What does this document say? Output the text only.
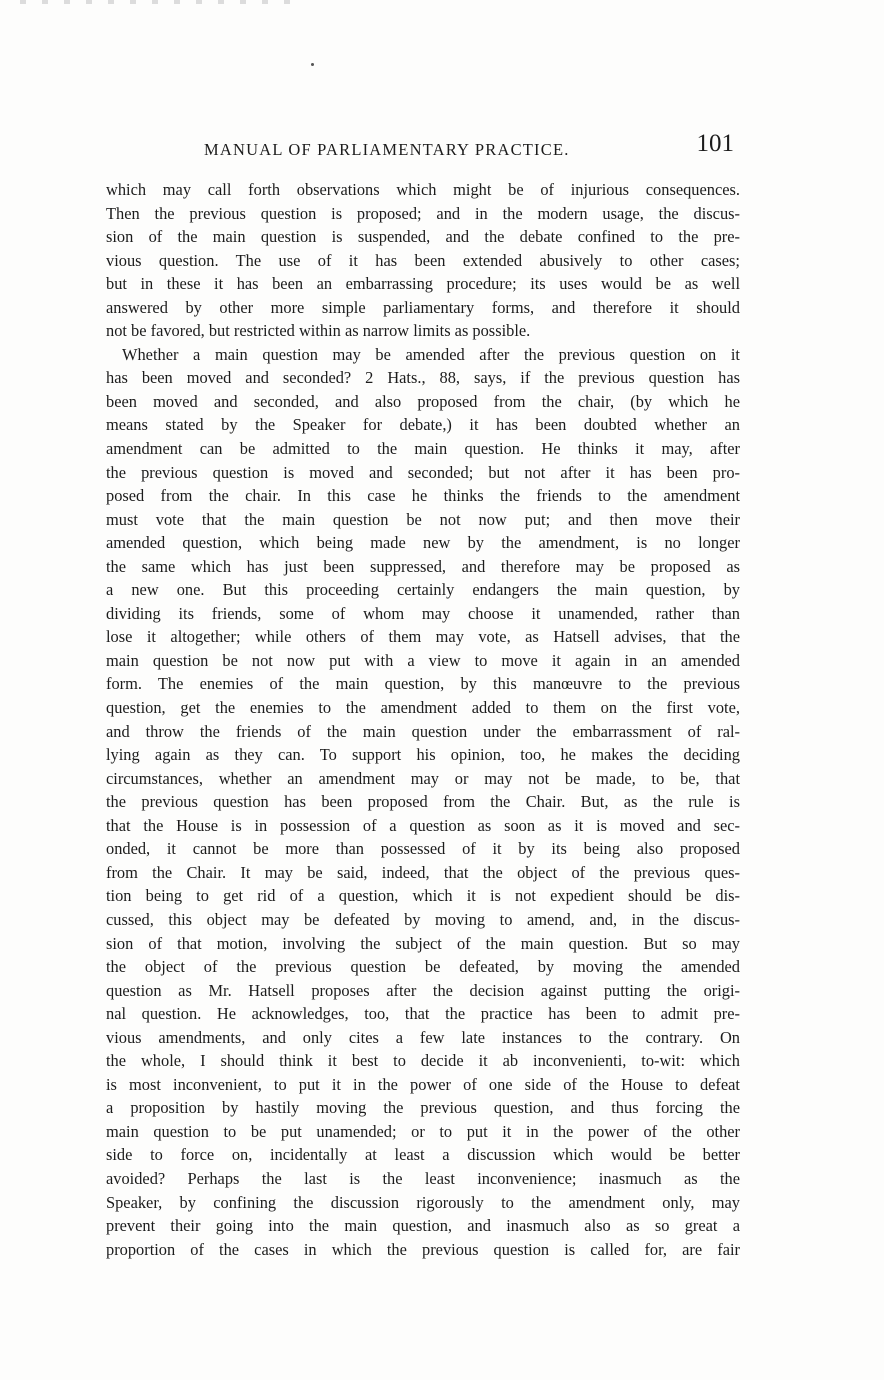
MANUAL OF PARLIAMENTARY PRACTICE.	101
which may call forth observations which might be of injurious consequences.
Then the previous question is proposed; and in the modern usage, the discus-
sion of the main question is suspended, and the debate confined to the pre-
vious question. The use of it has been extended abusively to other cases;
but in these it has been an embarrassing procedure; its uses would be as well
answered by other more simple parliamentary forms, and therefore it should
not be favored, but restricted within as narrow limits as possible.
Whether a main question may be amended after the previous question on it
has been moved and seconded? 2 Hats., 88, says, if the previous question has
been moved and seconded, and also proposed from the chair, (by which he
means stated by the Speaker for debate,) it has been doubted whether an
amendment can be admitted to the main question. He thinks it may, after
the previous question is moved and seconded; but not after it has been pro-
posed from the chair. In this case he thinks the friends to the amendment
must vote that the main question be not now put; and then move their
amended question, which being made new by the amendment, is no longer
the same which has just been suppressed, and therefore may be proposed as
a new one. But this proceeding certainly endangers the main question, by
dividing its friends, some of whom may choose it unamended, rather than
lose it altogether; while others of them may vote, as Hatsell advises, that the
main question be not now put with a view to move it again in an amended
form. The enemies of the main question, by this manœuvre to the previous
question, get the enemies to the amendment added to them on the first vote,
and throw the friends of the main question under the embarrassment of ral-
lying again as they can. To support his opinion, too, he makes the deciding
circumstances, whether an amendment may or may not be made, to be, that
the previous question has been proposed from the Chair. But, as the rule is
that the House is in possession of a question as soon as it is moved and sec-
onded, it cannot be more than possessed of it by its being also proposed
from the Chair. It may be said, indeed, that the object of the previous ques-
tion being to get rid of a question, which it is not expedient should be dis-
cussed, this object may be defeated by moving to amend, and, in the discus-
sion of that motion, involving the subject of the main question. But so may
the object of the previous question be defeated, by moving the amended
question as Mr. Hatsell proposes after the decision against putting the origi-
nal question. He acknowledges, too, that the practice has been to admit pre-
vious amendments, and only cites a few late instances to the contrary. On
the whole, I should think it best to decide it ab inconvenienti, to-wit: which
is most inconvenient, to put it in the power of one side of the House to defeat
a proposition by hastily moving the previous question, and thus forcing the
main question to be put unamended; or to put it in the power of the other
side to force on, incidentally at least a discussion which would be better
avoided? Perhaps the last is the least inconvenience; inasmuch as the
Speaker, by confining the discussion rigorously to the amendment only, may
prevent their going into the main question, and inasmuch also as so great a
proportion of the cases in which the previous question is called for, are fair
